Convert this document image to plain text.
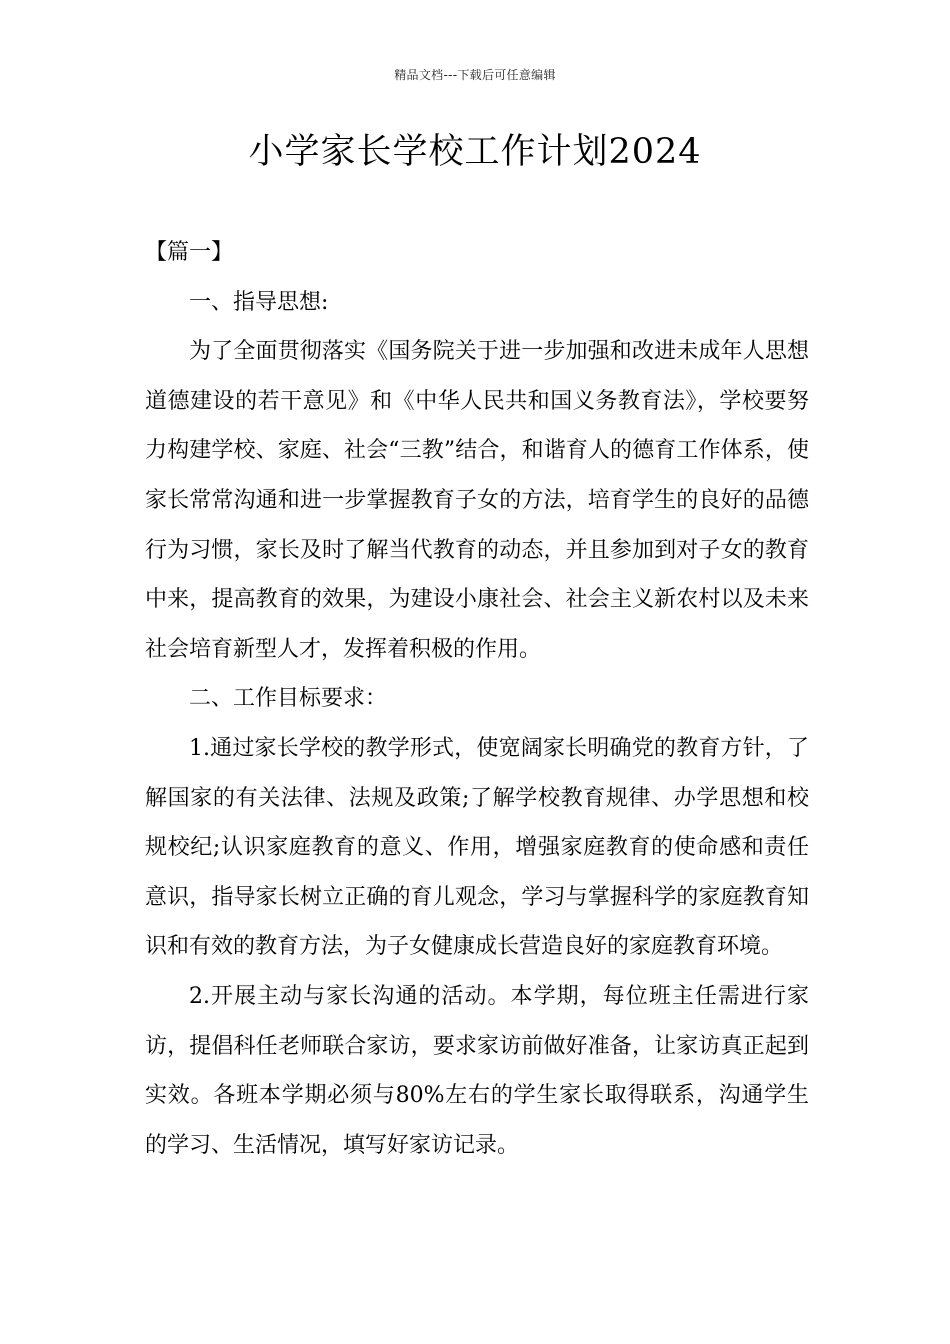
精品文档---下载后可任意编辑
小学家长学校工作计划2024

【篇一】

一、指导思想:

为了全面贯彻落实《国务院关于进一步加强和改进未成年人思想道德建设的若干意见》和《中华人民共和国义务教育法》，学校要努力构建学校、家庭、社会“三教”结合，和谐育人的德育工作体系，使家长常常沟通和进一步掌握教育子女的方法，培育学生的良好的品德行为习惯，家长及时了解当代教育的动态，并且参加到对子女的教育中来，提高教育的效果，为建设小康社会、社会主义新农村以及未来社会培育新型人才，发挥着积极的作用。

二、工作目标要求：

1.通过家长学校的教学形式，使宽阔家长明确党的教育方针，了解国家的有关法律、法规及政策;了解学校教育规律、办学思想和校规校纪;认识家庭教育的意义、作用，增强家庭教育的使命感和责任意识，指导家长树立正确的育儿观念，学习与掌握科学的家庭教育知识和有效的教育方法，为子女健康成长营造良好的家庭教育环境。

2.开展主动与家长沟通的活动。本学期，每位班主任需进行家访，提倡科任老师联合家访，要求家访前做好准备，让家访真正起到实效。各班本学期必须与80%左右的学生家长取得联系，沟通学生的学习、生活情况，填写好家访记录。
